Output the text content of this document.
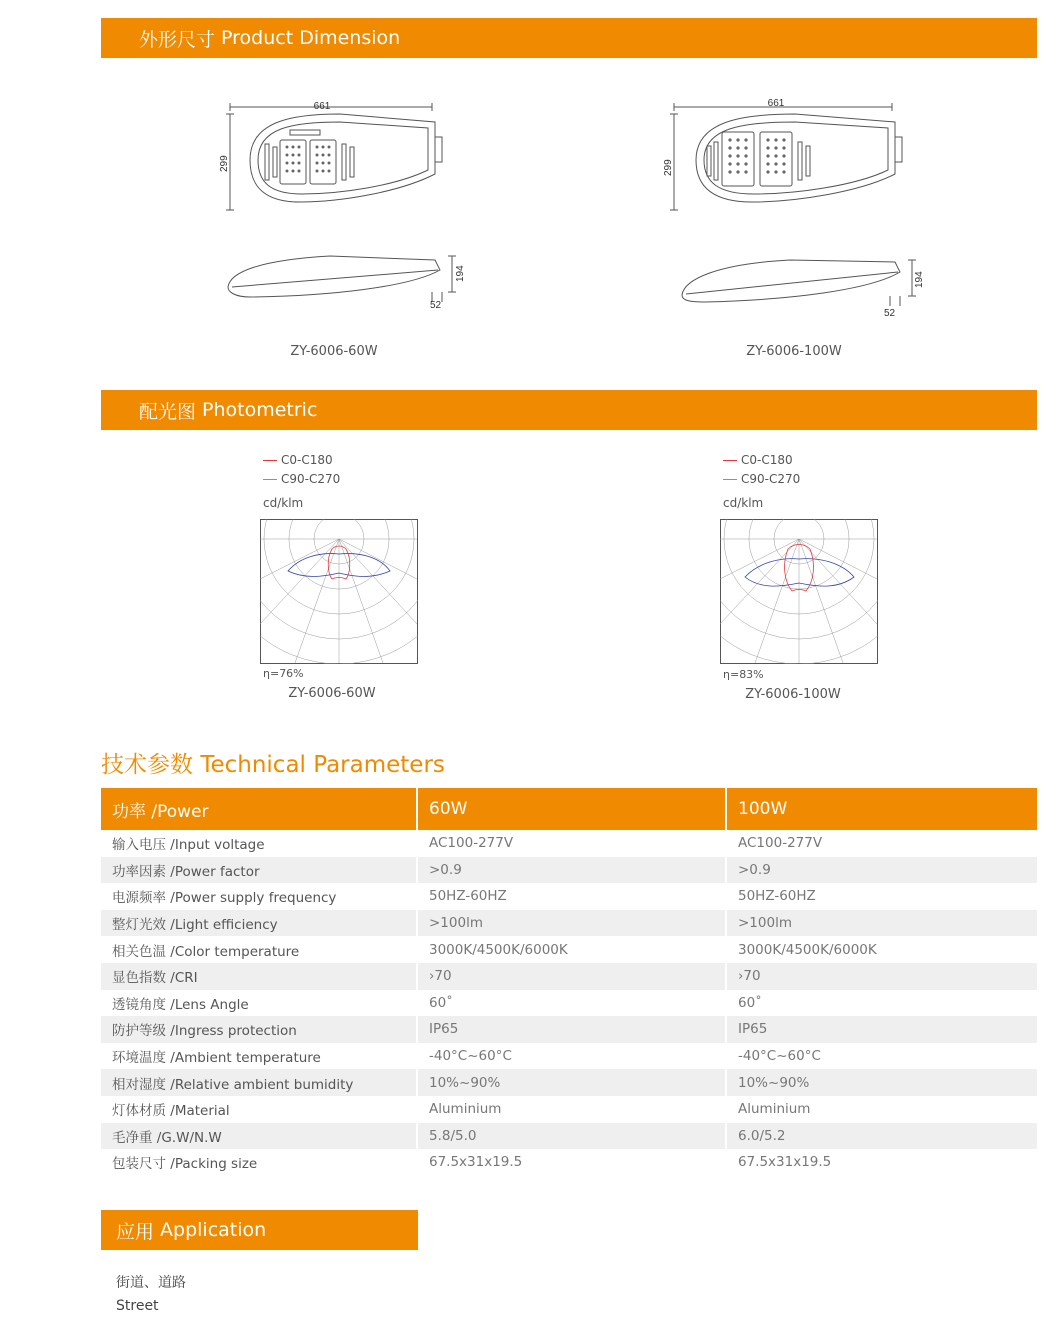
外形尺寸 Product Dimension
661
299
194
52
ZY-6006-60W
661
299
194
52
ZY-6006-100W
配光图 Photometric
C0-C180
C90-C270
cd/klm
η=76%
ZY-6006-60W
C0-C180
C90-C270
cd/klm
η=83%
ZY-6006-100W
技术参数 Technical Parameters
功率 /Power	60W	100W
输入电压 /Input voltage	AC100-277V	AC100-277V
功率因素 /Power factor	>0.9	>0.9
电源频率 /Power supply frequency	50HZ-60HZ	50HZ-60HZ
整灯光效 /Light efficiency	>100lm	>100lm
相关色温 /Color temperature	3000K/4500K/6000K	3000K/4500K/6000K
显色指数 /CRI	›70	›70
透镜角度 /Lens Angle	60˚	60˚
防护等级 /Ingress protection	IP65	IP65
环境温度 /Ambient temperature	-40°C~60°C	-40°C~60°C
相对湿度 /Relative ambient bumidity	10%~90%	10%~90%
灯体材质 /Material	Aluminium	Aluminium
毛净重 /G.W/N.W	5.8/5.0	6.0/5.2
包装尺寸 /Packing size	67.5x31x19.5	67.5x31x19.5
应用 Application
街道、道路
Street
